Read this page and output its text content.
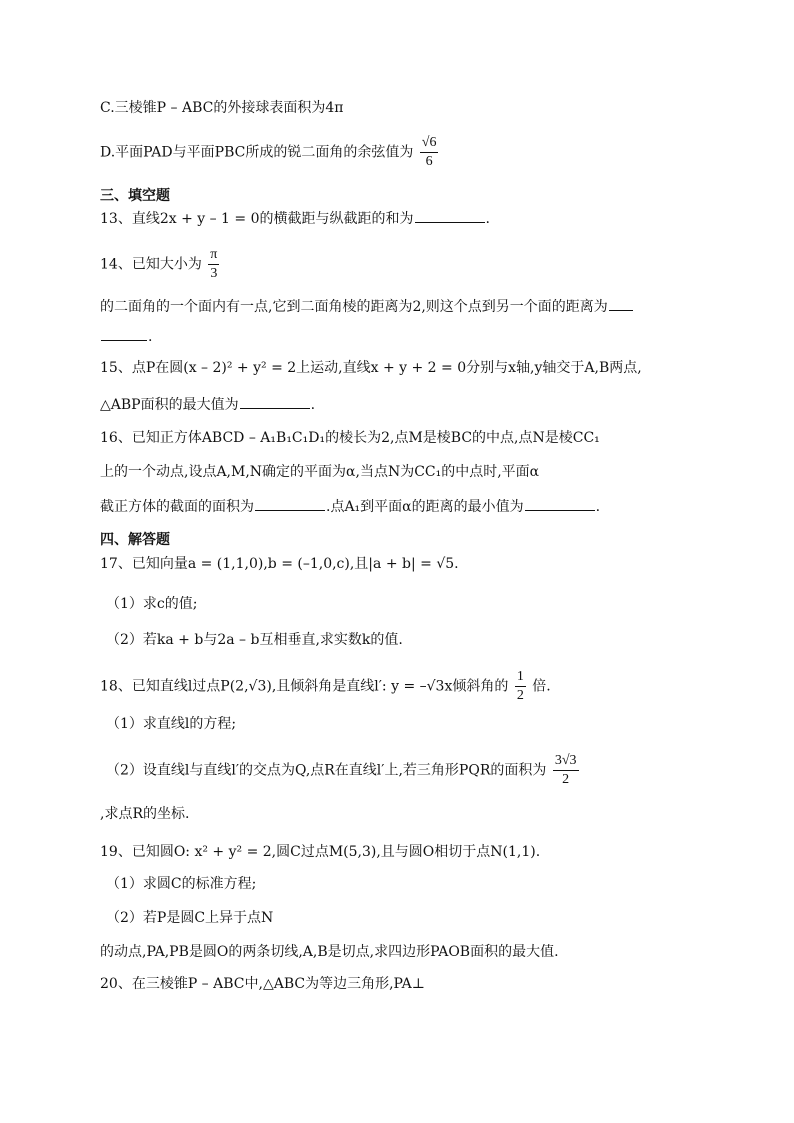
C.三棱锥P – ABC的外接球表面积为4π
D.平面PAD与平面PBC所成的锐二面角的余弦值为 $\frac{√6}{6}$
三、填空题
13、直线2x + y – 1 = 0的横截距与纵截距的和为	.
14、已知大小为 $\frac{\pi}{3}$
的二面角的一个面内有一点,它到二面角棱的距离为2,则这个点到另一个面的距离为
.
15、点P在圆(x – 2)² + y² = 2上运动,直线x + y + 2 = 0分别与x轴,y轴交于A,B两点,
△ABP面积的最大值为	.
16、已知正方体ABCD – A₁B₁C₁D₁的棱长为2,点M是棱BC的中点,点N是棱CC₁
上的一个动点,设点A,M,N确定的平面为α,当点N为CC₁的中点时,平面α
截正方体的截面的面积为	.点A₁到平面α的距离的最小值为	.
四、解答题
17、已知向量a = (1,1,0),b = (–1,0,c),且|a + b| = √5.
（1）求c的值;
（2）若ka + b与2a – b互相垂直,求实数k的值.
18、已知直线l过点P(2,√3),且倾斜角是直线l′: y = –√3x倾斜角的 $\frac{1}{2}$ 倍.
（1）求直线l的方程;
（2）设直线l与直线l′的交点为Q,点R在直线l′上,若三角形PQR的面积为 $\frac{3√3}{2}$
,求点R的坐标.
19、已知圆O: x² + y² = 2,圆C过点M(5,3),且与圆O相切于点N(1,1).
（1）求圆C的标准方程;
（2）若P是圆C上异于点N
的动点,PA,PB是圆O的两条切线,A,B是切点,求四边形PAOB面积的最大值.
20、在三棱锥P – ABC中,△ABC为等边三角形,PA⊥
